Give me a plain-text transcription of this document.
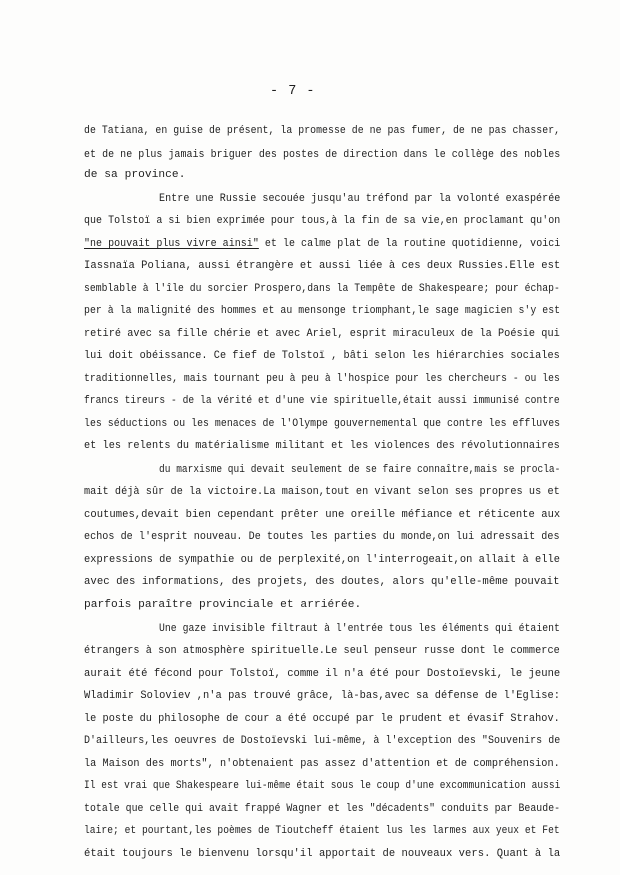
- 7 -
de Tatiana, en guise de présent, la promesse de ne pas fumer, de ne pas chasser,
et de ne plus jamais briguer des postes de direction dans le collège des nobles
de sa province.
Entre une Russie secouée jusqu'au tréfond par la volonté exaspérée
que Tolstoï a si bien exprimée pour tous,à la fin de sa vie,en proclamant qu'on
"ne pouvait plus vivre ainsi" et le calme plat de la routine quotidienne, voici
Iassnaïa Poliana, aussi étrangère et aussi liée à ces deux Russies.Elle est
semblable à l'île du sorcier Prospero,dans la Tempête de Shakespeare; pour échap-
per à la malignité des hommes et au mensonge triomphant,le sage magicien s'y est
retiré avec sa fille chérie et avec Ariel, esprit miraculeux de la Poésie qui
lui doit obéissance. Ce fief de Tolstoï , bâti selon les hiérarchies sociales
traditionnelles, mais tournant peu à peu à l'hospice pour les chercheurs - ou les
francs tireurs - de la vérité et d'une vie spirituelle,était aussi immunisé contre
les séductions ou les menaces de l'Olympe gouvernemental que contre les effluves
et les relents du matérialisme militant et les violences des révolutionnaires
du marxisme qui devait seulement de se faire connaître,mais se procla-
mait déjà sûr de la victoire.La maison,tout en vivant selon ses propres us et
coutumes,devait bien cependant prêter une oreille méfiance et réticente aux
echos de l'esprit nouveau. De toutes les parties du monde,on lui adressait des
expressions de sympathie ou de perplexité,on l'interrogeait,on allait à elle
avec des informations, des projets, des doutes, alors qu'elle-même pouvait
parfois paraître provinciale et arriérée.
Une gaze invisible filtraut à l'entrée tous les éléments qui étaient
étrangers à son atmosphère spirituelle.Le seul penseur russe dont le commerce
aurait été fécond pour Tolstoï, comme il n'a été pour Dostoïevski, le jeune
Wladimir Soloviev ,n'a pas trouvé grâce, là-bas,avec sa défense de l'Eglise:
le poste du philosophe de cour a été occupé par le prudent et évasif Strahov.
D'ailleurs,les oeuvres de Dostoïevski lui-même, à l'exception des "Souvenirs de
la Maison des morts", n'obtenaient pas assez d'attention et de compréhension.
Il est vrai que Shakespeare lui-même était sous le coup d'une excommunication aussi
totale que celle qui avait frappé Wagner et les "décadents" conduits par Beaude-
laire; et pourtant,les poèmes de Tioutcheff étaient lus les larmes aux yeux et Fet
était toujours le bienvenu lorsqu'il apportait de nouveaux vers. Quant à la
